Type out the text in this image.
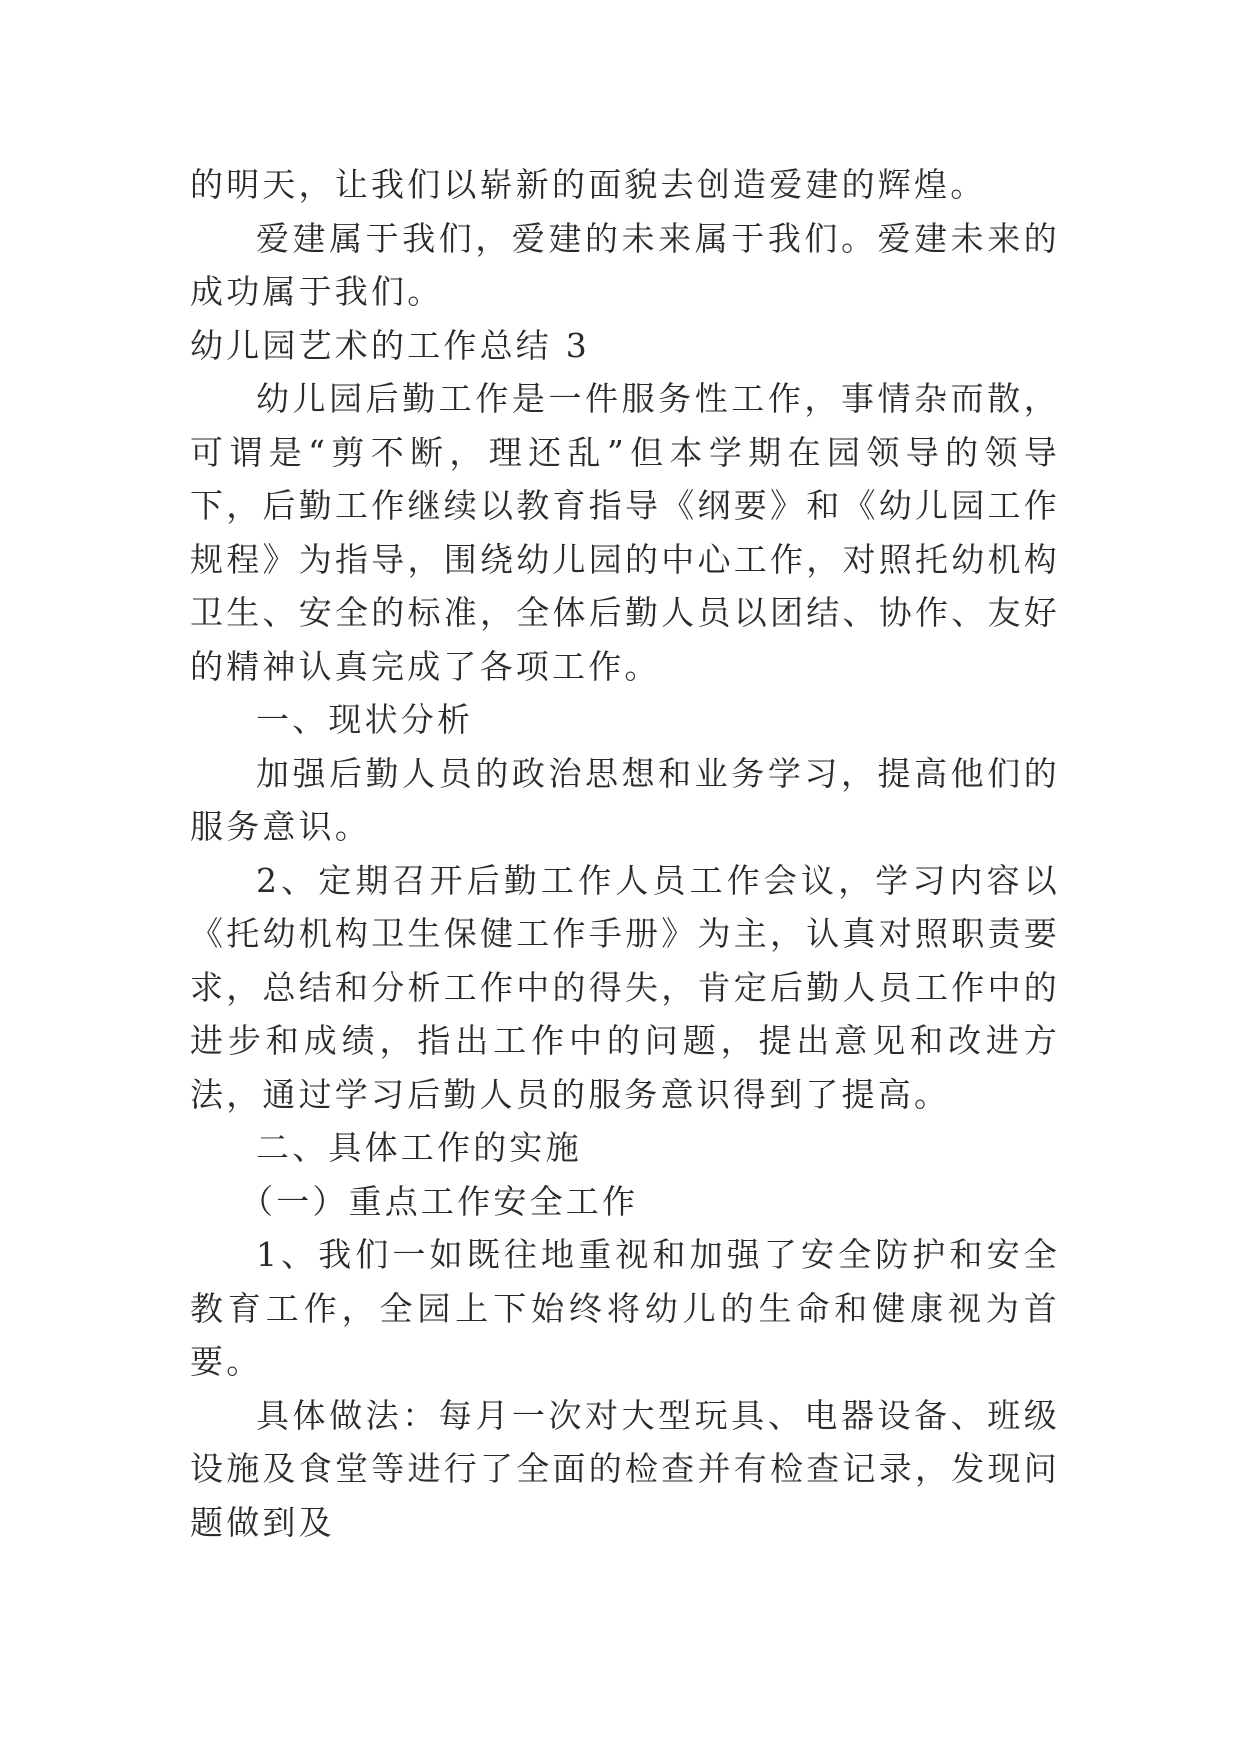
的明天，让我们以崭新的面貌去创造爱建的辉煌。

爱建属于我们，爱建的未来属于我们。爱建未来的成功属于我们。

幼儿园艺术的工作总结 3

幼儿园后勤工作是一件服务性工作，事情杂而散，可谓是“剪不断，理还乱”但本学期在园领导的领导下，后勤工作继续以教育指导《纲要》和《幼儿园工作规程》为指导，围绕幼儿园的中心工作，对照托幼机构卫生、安全的标准，全体后勤人员以团结、协作、友好的精神认真完成了各项工作。

一、现状分析

加强后勤人员的政治思想和业务学习，提高他们的服务意识。

2、定期召开后勤工作人员工作会议，学习内容以《托幼机构卫生保健工作手册》为主，认真对照职责要求，总结和分析工作中的得失，肯定后勤人员工作中的进步和成绩，指出工作中的问题，提出意见和改进方法，通过学习后勤人员的服务意识得到了提高。

二、具体工作的实施

（一）重点工作安全工作

1、我们一如既往地重视和加强了安全防护和安全教育工作，全园上下始终将幼儿的生命和健康视为首要。

具体做法：每月一次对大型玩具、电器设备、班级设施及食堂等进行了全面的检查并有检查记录，发现问题做到及
